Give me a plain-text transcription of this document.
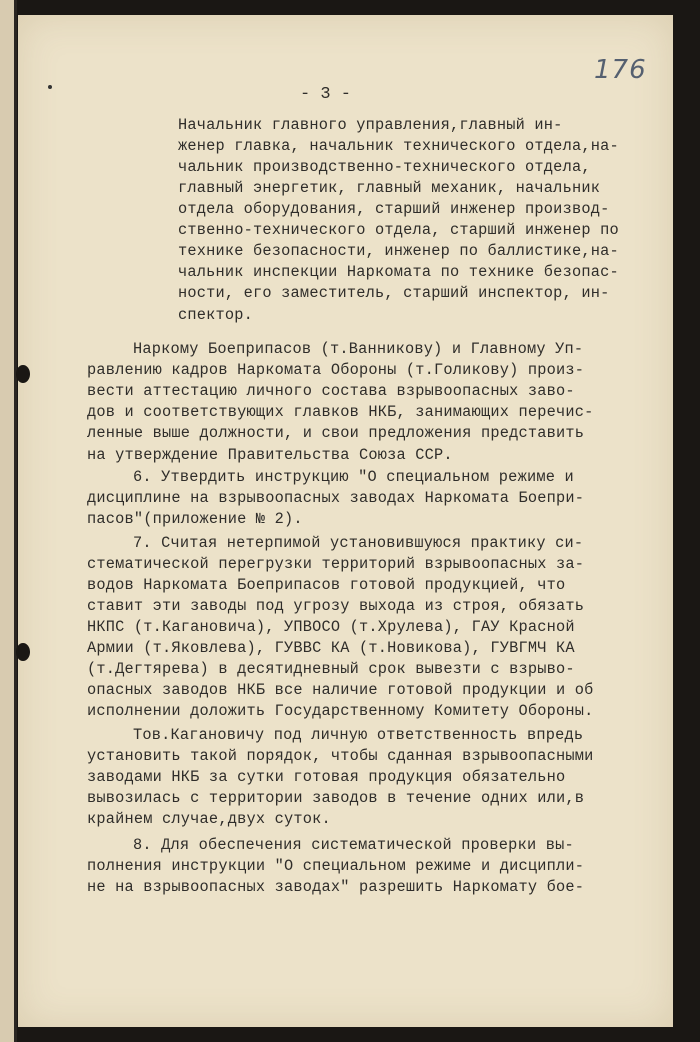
176
- 3 -
Начальник главного управления,главный ин-
женер главка, начальник технического отдела,на-
чальник производственно-технического отдела,
главный энергетик, главный механик, начальник
отдела оборудования, старший инженер производ-
ственно-технического отдела, старший инженер по
технике безопасности, инженер по баллистике,на-
чальник инспекции Наркомата по технике безопас-
ности, его заместитель, старший инспектор, ин-
спектор.
Наркому Боеприпасов (т.Ванникову) и Главному Уп-
равлению кадров Наркомата Обороны (т.Голикову) произ-
вести аттестацию личного состава взрывоопасных заво-
дов и соответствующих главков НКБ, занимающих перечис-
ленные выше должности, и свои предложения представить
на утверждение Правительства Союза ССР.
6. Утвердить инструкцию "О специальном режиме и
дисциплине на взрывоопасных заводах Наркомата Боепри-
пасов"(приложение № 2).
7. Считая нетерпимой установившуюся практику си-
стематической перегрузки территорий взрывоопасных за-
водов Наркомата Боеприпасов готовой продукцией, что
ставит эти заводы под угрозу выхода из строя, обязать
НКПС (т.Кагановича), УПВОСО (т.Хрулева), ГАУ Красной
Армии (т.Яковлева), ГУВВС КА (т.Новикова), ГУВГМЧ КА
(т.Дегтярева) в десятидневный срок вывезти с взрыво-
опасных заводов НКБ все наличие готовой продукции и об
исполнении доложить Государственному Комитету Обороны.
Тов.Кагановичу под личную ответственность впредь
установить такой порядок, чтобы сданная взрывоопасными
заводами НКБ за сутки готовая продукция обязательно
вывозилась с территории заводов в течение одних или,в
крайнем случае,двух суток.
8. Для обеспечения систематической проверки вы-
полнения инструкции "О специальном режиме и дисципли-
не на взрывоопасных заводах" разрешить Наркомату бое-
